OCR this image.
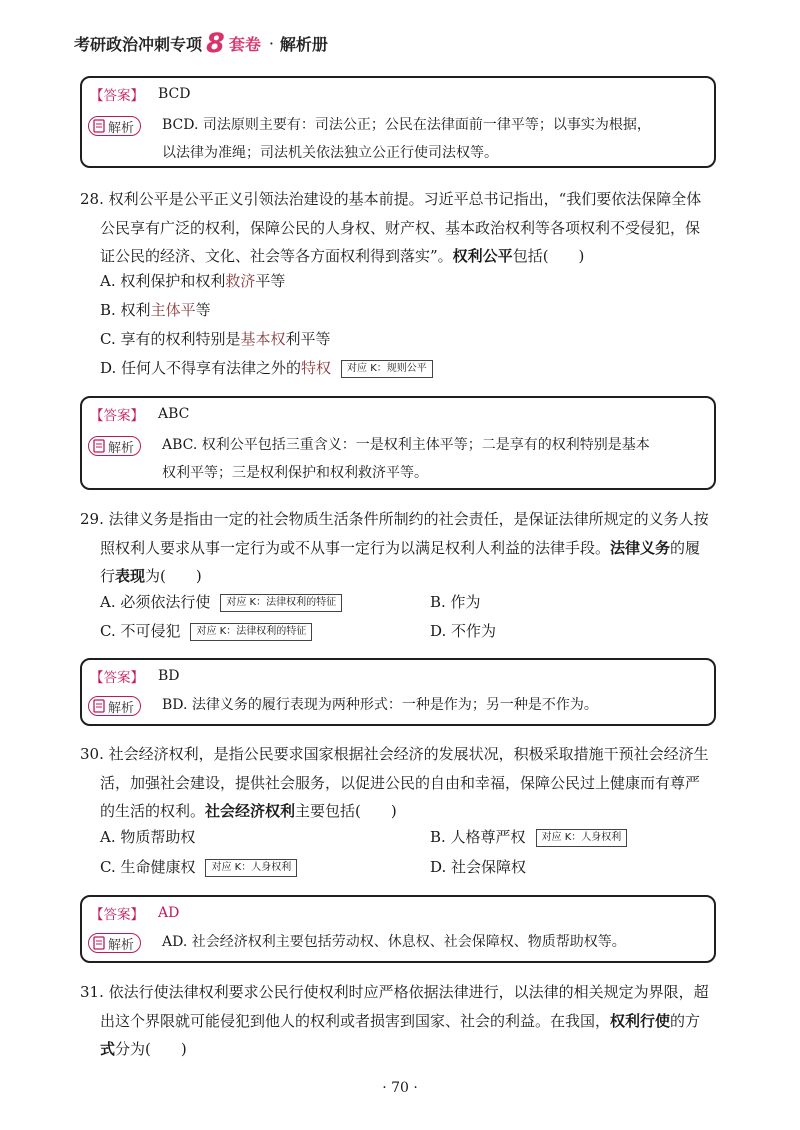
考研政治冲刺专项 8 套卷 · 解析册
【答案】 BCD
解析 BCD. 司法原则主要有：司法公正；公民在法律面前一律平等；以事实为根据，
以法律为准绳；司法机关依法独立公正行使司法权等。
28. 权利公平是公平正义引领法治建设的基本前提。习近平总书记指出，“我们要依法保障全体
公民享有广泛的权利，保障公民的人身权、财产权、基本政治权利等各项权利不受侵犯，保
证公民的经济、文化、社会等各方面权利得到落实”。权利公平包括(　　)
A. 权利保护和权利救济平等
B. 权利主体平等
C. 享有的权利特别是基本权利平等
D. 任何人不得享有法律之外的特权 对应 K：规则公平
【答案】 ABC
解析 ABC. 权利公平包括三重含义：一是权利主体平等；二是享有的权利特别是基本
权利平等；三是权利保护和权利救济平等。
29. 法律义务是指由一定的社会物质生活条件所制约的社会责任，是保证法律所规定的义务人按
照权利人要求从事一定行为或不从事一定行为以满足权利人利益的法律手段。法律义务的履
行表现为(　　)
A. 必须依法行使 对应 K：法律权利的特征	B. 作为
C. 不可侵犯 对应 K：法律权利的特征	D. 不作为
【答案】 BD
解析 BD. 法律义务的履行表现为两种形式：一种是作为；另一种是不作为。
30. 社会经济权利，是指公民要求国家根据社会经济的发展状况，积极采取措施干预社会经济生
活，加强社会建设，提供社会服务，以促进公民的自由和幸福，保障公民过上健康而有尊严
的生活的权利。社会经济权利主要包括(　　)
A. 物质帮助权	B. 人格尊严权 对应 K：人身权利
C. 生命健康权 对应 K：人身权利	D. 社会保障权
【答案】 AD
解析 AD. 社会经济权利主要包括劳动权、休息权、社会保障权、物质帮助权等。
31. 依法行使法律权利要求公民行使权利时应严格依据法律进行，以法律的相关规定为界限，超
出这个界限就可能侵犯到他人的权利或者损害到国家、社会的利益。在我国，权利行使的方
式分为(　　)
· 70 ·
